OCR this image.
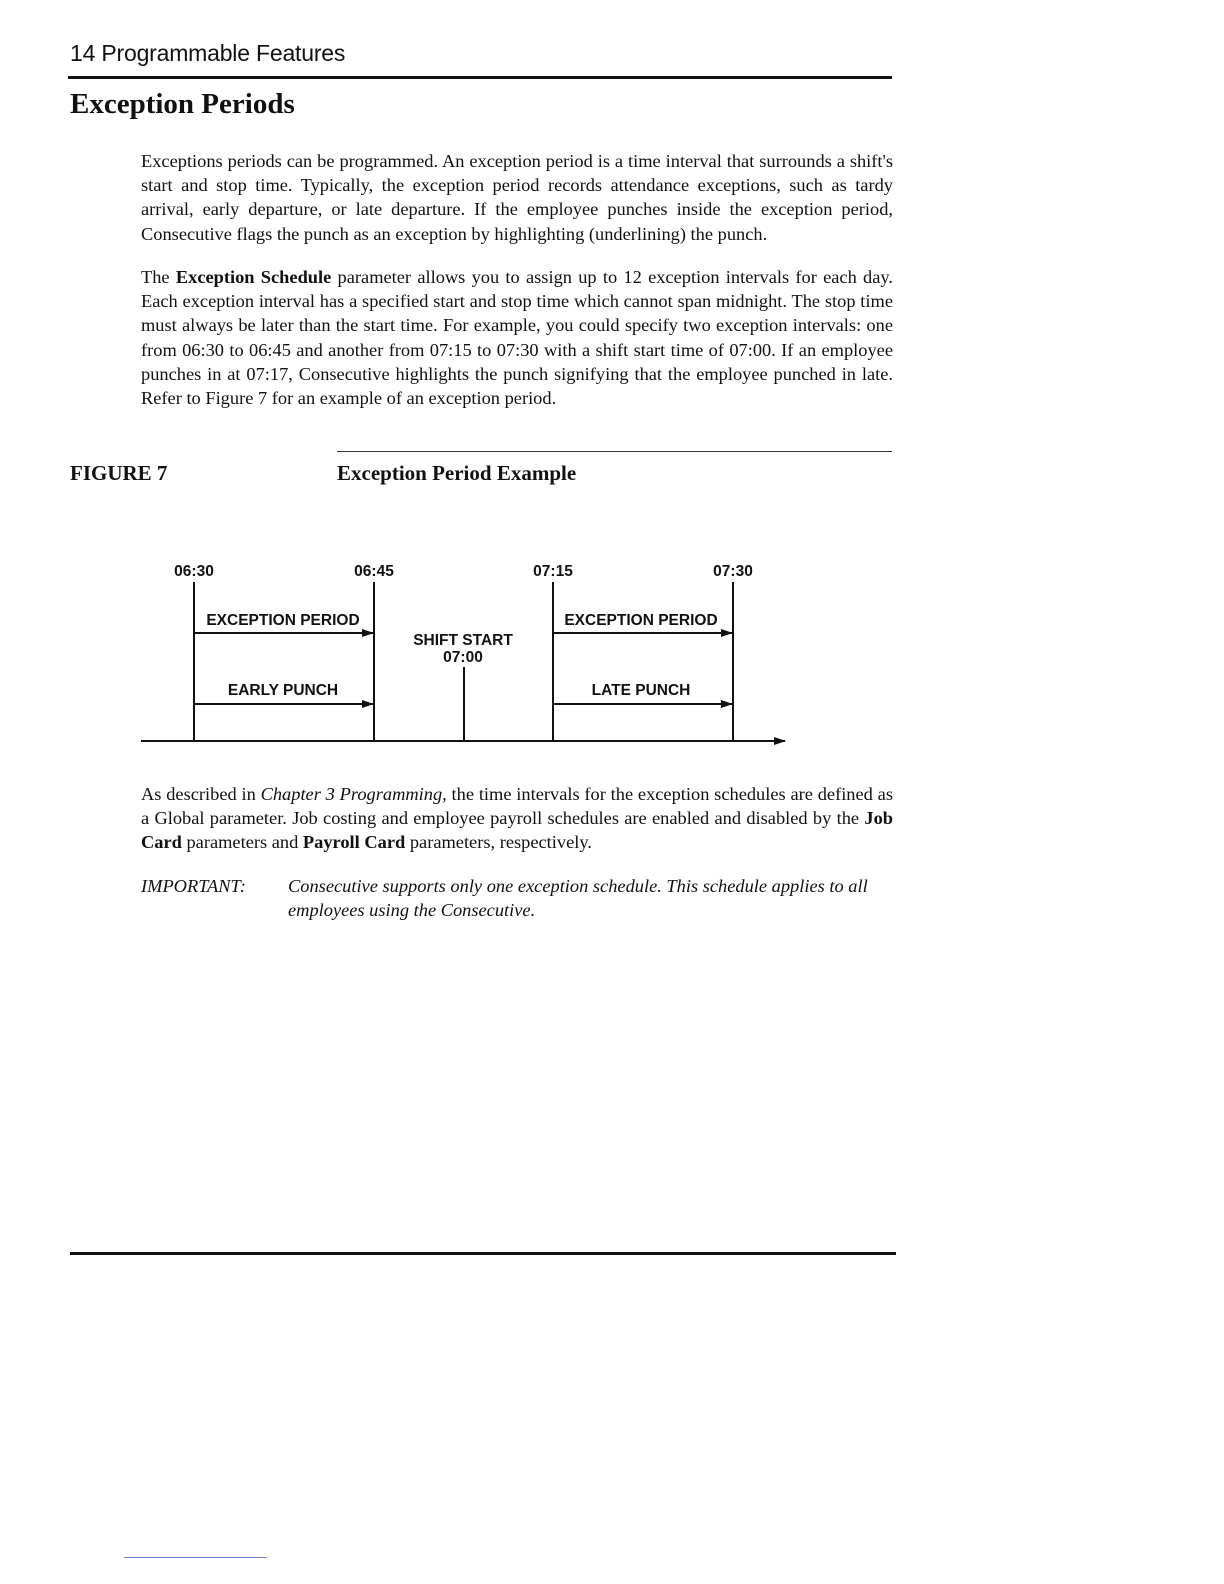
14 Programmable Features
Exception Periods

Exceptions periods can be programmed. An exception period is a time interval that surrounds a shift's start and stop time. Typically, the exception period records attendance exceptions, such as tardy arrival, early departure, or late departure. If the employee punches inside the exception period, Consecutive flags the punch as an exception by highlighting (underlining) the punch.

The Exception Schedule parameter allows you to assign up to 12 exception intervals for each day. Each exception interval has a specified start and stop time which cannot span midnight. The stop time must always be later than the start time. For example, you could specify two exception intervals: one from 06:30 to 06:45 and another from 07:15 to 07:30 with a shift start time of 07:00. If an employee punches in at 07:17, Consecutive highlights the punch signifying that the employee punched in late. Refer to Figure 7 for an example of an exception period.

FIGURE 7	Exception Period Example
06:30	06:45	07:15	07:30
EXCEPTION PERIOD
EARLY PUNCH
SHIFT START
07:00
EXCEPTION PERIOD
LATE PUNCH

As described in Chapter 3 Programming, the time intervals for the exception schedules are defined as a Global parameter. Job costing and employee payroll schedules are enabled and disabled by the Job Card parameters and Payroll Card parameters, respectively.

IMPORTANT: Consecutive supports only one exception schedule. This schedule applies to all employees using the Consecutive.
